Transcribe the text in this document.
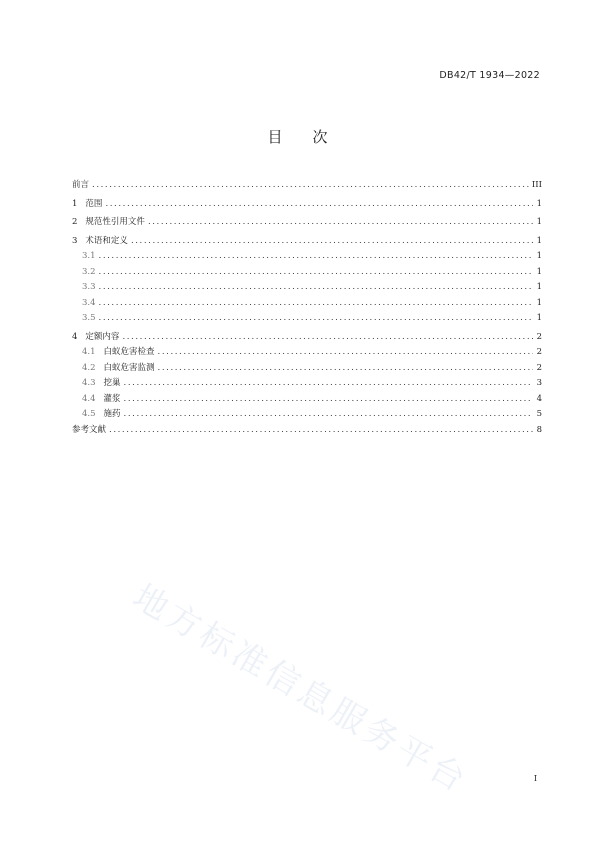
DB42/T 1934—2022
目 次
前言 .....	III
1 范围 .....	1
2 规范性引用文件 .....	1
3 术语和定义 .....	1
3.1 .....	1
3.2 .....	1
3.3 .....	1
3.4 .....	1
3.5 .....	1
4 定额内容 .....	2
4.1 白蚁危害检查 .....	2
4.2 白蚁危害监测 .....	2
4.3 挖巢 .....	3
4.4 灌浆 .....	4
4.5 施药 .....	5
参考文献 .....	8
地方标准信息服务平台	I
